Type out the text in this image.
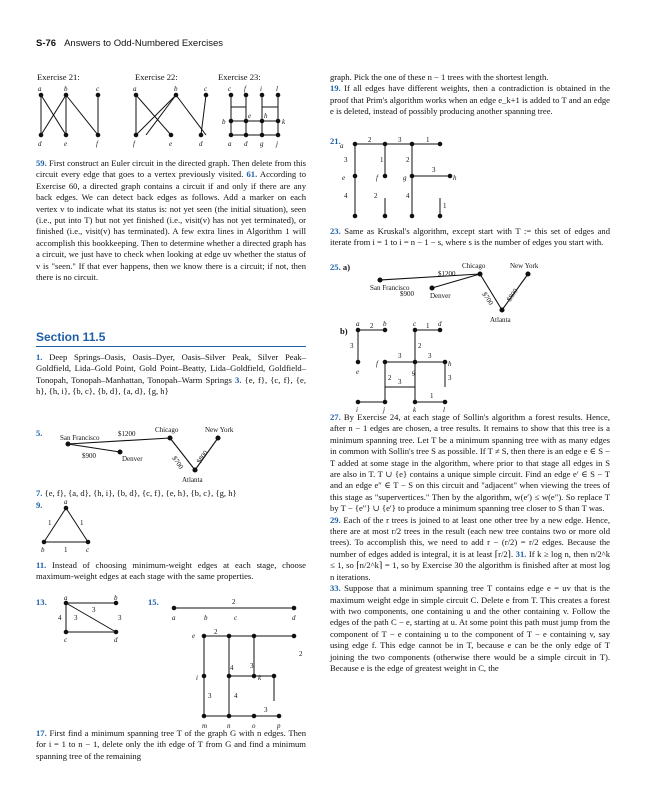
S-76 Answers to Odd-Numbered Exercises
Exercise 21:	Exercise 22:	Exercise 23:
a	b	c
d	e	f
a	b	c
f	e	d
c f i l
b
e h
k
a d g j

59. First construct an Euler circuit in the directed graph. Then delete from this circuit every edge that goes to a vertex previously visited. 61. According to Exercise 60, a directed graph contains a circuit if and only if there are any back edges. We can detect back edges as follows. Add a marker on each vertex v to indicate what its status is: not yet seen (the initial situation), seen (i.e., put into T) but not yet finished (i.e., visit(v) has not yet terminated), or finished (i.e., visit(v) has terminated). A few extra lines in Algorithm 1 will accomplish this bookkeeping. Then to determine whether a directed graph has a circuit, we just have to check when looking at edge uv whether the status of v is "seen." If that ever happens, then we know there is a circuit; if not, then there is no circuit.

Section 11.5

1. Deep Springs–Oasis, Oasis–Dyer, Oasis–Silver Peak, Silver Peak–Goldfield, Lida–Gold Point, Gold Point–Beatty, Lida–Goldfield, Goldfield–Tonopah, Tonopah–Manhattan, Tonopah–Warm Springs 3. {e, f}, {c, f}, {e, h}, {h, i}, {b, c}, {b, d}, {a, d}, {g, h}

5.	San Francisco
Chicago	New York
$1200
$900	Denver
Atlanta
$700 $800

7. {e, f}, {a, d}, {h, i}, {b, d}, {c, f}, {e, h}, {b, c}, {g, h}

9.	a
b	c
1	1
1

11. Instead of choosing minimum-weight edges at each stage, choose maximum-weight edges at each stage with the same properties.

13. a	b
c	d
4 3
3
3
15.
a	b	c	d
2
e	2
3
i
4
k
2
m	n	o	p
3	4
3

17. First find a minimum spanning tree T of the graph G with n edges. Then for i = 1 to n − 1, delete only the ith edge of T from G and find a minimum spanning tree of the remaining

graph. Pick the one of these n − 1 trees with the shortest length.

19. If all edges have different weights, then a contradiction is obtained in the proof that Prim's algorithm works when an edge e_k+1 is added to T and an edge e is deleted, instead of possibly producing another spanning tree.

21. a
2	3	1
3	1	2
3
e	f	g	h
4	2	4
1

23. Same as Kruskal's algorithm, except start with T := this set of edges and iterate from i = 1 to i = n − 1 − s, where s is the number of edges you start with.

25. a)
San Francisco
Chicago	New York
$1200
$900 Denver
Atlanta
$700 $800
b)
a 2 b	c 1 d
3	2
3	3
e
f
g
h
2	3
3
1
i	j	k	l

27. By Exercise 24, at each stage of Sollin's algorithm a forest results. Hence, after n − 1 edges are chosen, a tree results. It remains to show that this tree is a minimum spanning tree. Let T be a minimum spanning tree with as many edges in common with Sollin's tree S as possible. If T ≠ S, then there is an edge e ∈ S − T added at some stage in the algorithm, where prior to that stage all edges in S are also in T. T ∪ {e} contains a unique simple circuit. Find an edge e′ ∈ S − T and an edge e″ ∈ T − S on this circuit and "adjacent" when viewing the trees of this stage as "supervertices." Then by the algorithm, w(e′) ≤ w(e″). So replace T by T − {e″} ∪ {e′} to produce a minimum spanning tree closer to S than T was.

29. Each of the r trees is joined to at least one other tree by a new edge. Hence, there are at most r/2 trees in the result (each new tree contains two or more old trees). To accomplish this, we need to add r − (r/2) = r/2 edges. Because the number of edges added is integral, it is at least ⌈r/2⌉. 31. If k ≥ log n, then n/2^k ≤ 1, so ⌈n/2^k⌉ = 1, so by Exercise 30 the algorithm is finished after at most log n iterations.

33. Suppose that a minimum spanning tree T contains edge e = uv that is the maximum weight edge in simple circuit C. Delete e from T. This creates a forest with two components, one containing u and the other containing v. Follow the edges of the path C − e, starting at u. At some point this path must jump from the component of T − e containing u to the component of T − e containing v, say using edge f. This edge cannot be in T, because e can be the only edge of T joining the two components (otherwise there would be a simple circuit in T). Because e is the edge of greatest weight in C, the
